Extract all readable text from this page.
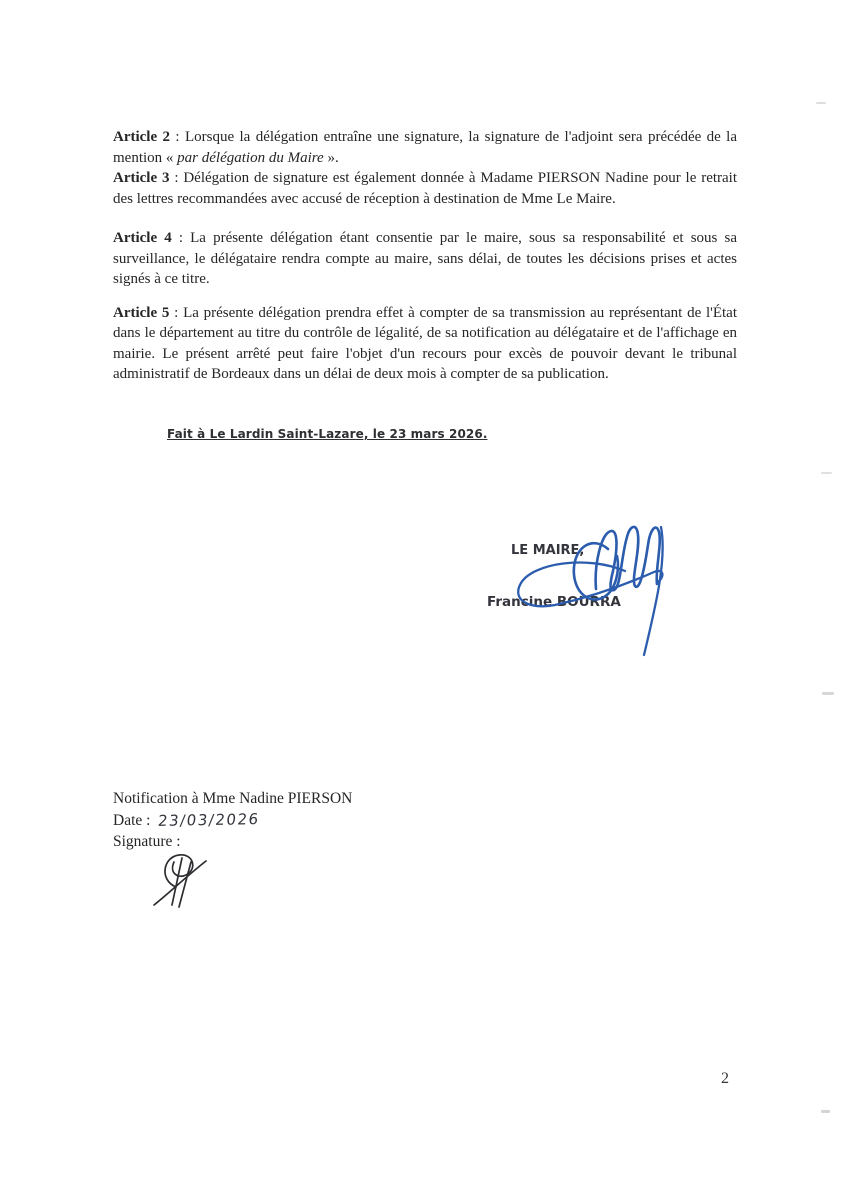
Article 2 : Lorsque la délégation entraîne une signature, la signature de l'adjoint sera précédée de la mention « par délégation du Maire ».

Article 3 : Délégation de signature est également donnée à Madame PIERSON Nadine pour le retrait des lettres recommandées avec accusé de réception à destination de Mme Le Maire.

Article 4 : La présente délégation étant consentie par le maire, sous sa responsabilité et sous sa surveillance, le délégataire rendra compte au maire, sans délai, de toutes les décisions prises et actes signés à ce titre.

Article 5 : La présente délégation prendra effet à compter de sa transmission au représentant de l'État dans le département au titre du contrôle de légalité, de sa notification au délégataire et de l'affichage en mairie. Le présent arrêté peut faire l'objet d'un recours pour excès de pouvoir devant le tribunal administratif de Bordeaux dans un délai de deux mois à compter de sa publication.

Fait à Le Lardin Saint-Lazare, le 23 mars 2026.
LE MAIRE,
Francine BOURRA
Notification à Mme Nadine PIERSON
Date : 23/03/2026
Signature :
2
